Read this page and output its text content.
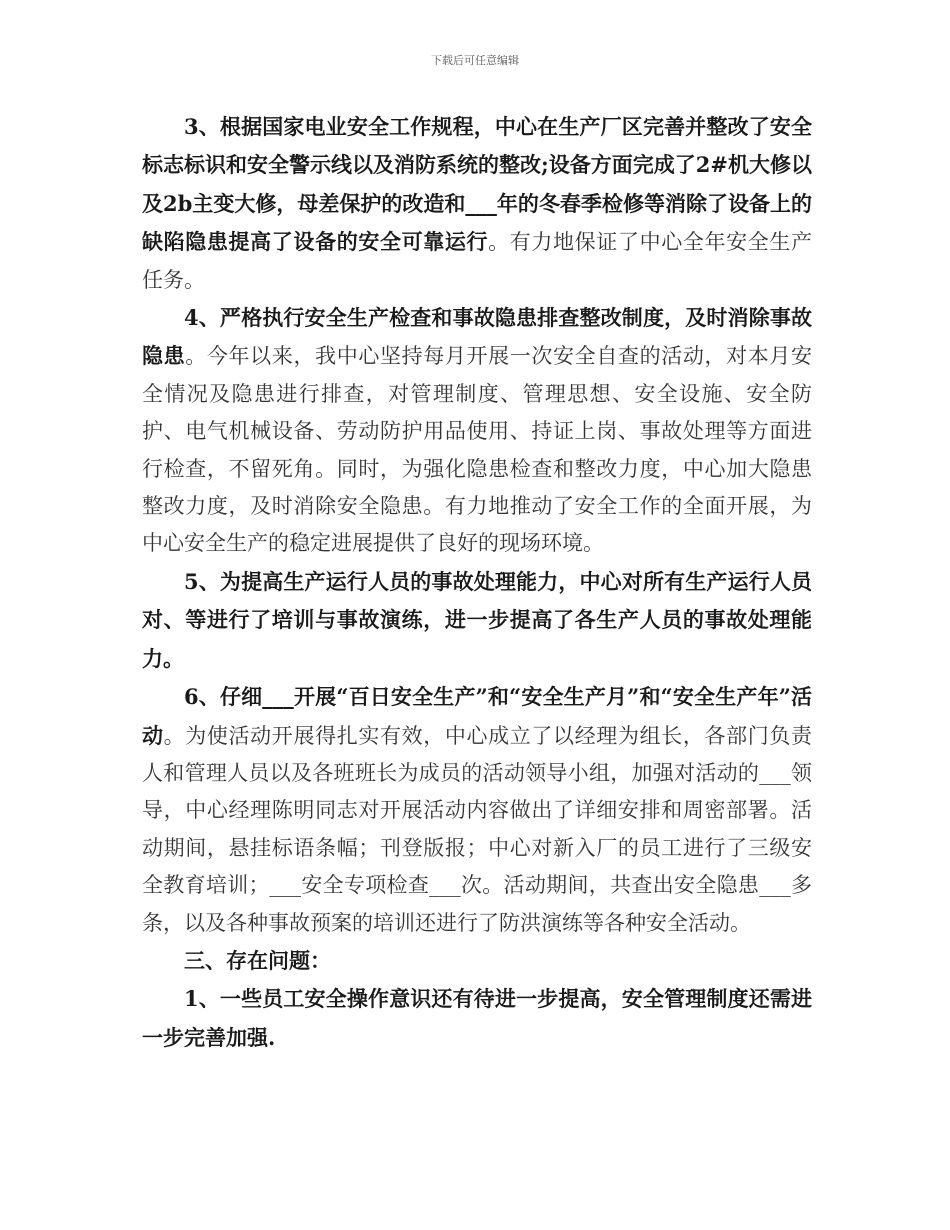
下载后可任意编辑

3、根据国家电业安全工作规程，中心在生产厂区完善并整改了安全标志标识和安全警示线以及消防系统的整改;设备方面完成了2#机大修以及2b主变大修，母差保护的改造和___年的冬春季检修等消除了设备上的缺陷隐患提高了设备的安全可靠运行。有力地保证了中心全年安全生产任务。

4、严格执行安全生产检查和事故隐患排查整改制度，及时消除事故隐患。今年以来，我中心坚持每月开展一次安全自查的活动，对本月安全情况及隐患进行排查，对管理制度、管理思想、安全设施、安全防护、电气机械设备、劳动防护用品使用、持证上岗、事故处理等方面进行检查，不留死角。同时，为强化隐患检查和整改力度，中心加大隐患整改力度，及时消除安全隐患。有力地推动了安全工作的全面开展，为中心安全生产的稳定进展提供了良好的现场环境。

5、为提高生产运行人员的事故处理能力，中心对所有生产运行人员对、等进行了培训与事故演练，进一步提高了各生产人员的事故处理能力。

6、仔细___开展“百日安全生产”和“安全生产月”和“安全生产年”活动。为使活动开展得扎实有效，中心成立了以经理为组长，各部门负责人和管理人员以及各班班长为成员的活动领导小组，加强对活动的___领导，中心经理陈明同志对开展活动内容做出了详细安排和周密部署。活动期间，悬挂标语条幅；刊登版报；中心对新入厂的员工进行了三级安全教育培训；___安全专项检查___次。活动期间，共查出安全隐患___多条，以及各种事故预案的培训还进行了防洪演练等各种安全活动。

三、存在问题：

1、一些员工安全操作意识还有待进一步提高，安全管理制度还需进一步完善加强.
